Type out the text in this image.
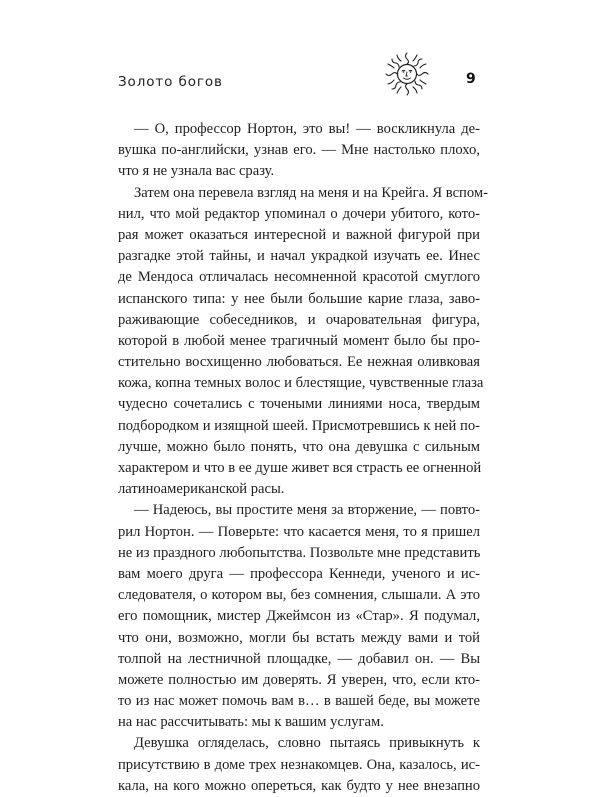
Золото богов	9

— О, профессор Нортон, это вы! — воскликнула де-
вушка по-английски, узнав его. — Мне настолько плохо,
что я не узнала вас сразу.

Затем она перевела взгляд на меня и на Крейга. Я вспом-
нил, что мой редактор упоминал о дочери убитого, кото-
рая может оказаться интересной и важной фигурой при
разгадке этой тайны, и начал украдкой изучать ее. Инес
де Мендоса отличалась несомненной красотой смуглого
испанского типа: у нее были большие карие глаза, заво-
раживающие собеседников, и очаровательная фигура,
которой в любой менее трагичный момент было бы про-
стительно восхищенно любоваться. Ее нежная оливковая
кожа, копна темных волос и блестящие, чувственные глаза
чудесно сочетались с точеными линиями носа, твердым
подбородком и изящной шеей. Присмотревшись к ней по-
лучше, можно было понять, что она девушка с сильным
характером и что в ее душе живет вся страсть ее огненной
латиноамериканской расы.

— Надеюсь, вы простите меня за вторжение, — повто-
рил Нортон. — Поверьте: что касается меня, то я пришел
не из праздного любопытства. Позвольте мне представить
вам моего друга — профессора Кеннеди, ученого и ис-
следователя, о котором вы, без сомнения, слышали. А это
его помощник, мистер Джеймсон из «Стар». Я подумал,
что они, возможно, могли бы встать между вами и той
толпой на лестничной площадке, — добавил он. — Вы
можете полностью им доверять. Я уверен, что, если кто-
то из нас может помочь вам в… в вашей беде, вы можете
на нас рассчитывать: мы к вашим услугам.

Девушка огляделась, словно пытаясь привыкнуть к
присутствию в доме трех незнакомцев. Она, казалось, ис-
кала, на кого можно опереться, как будто у нее внезапно
